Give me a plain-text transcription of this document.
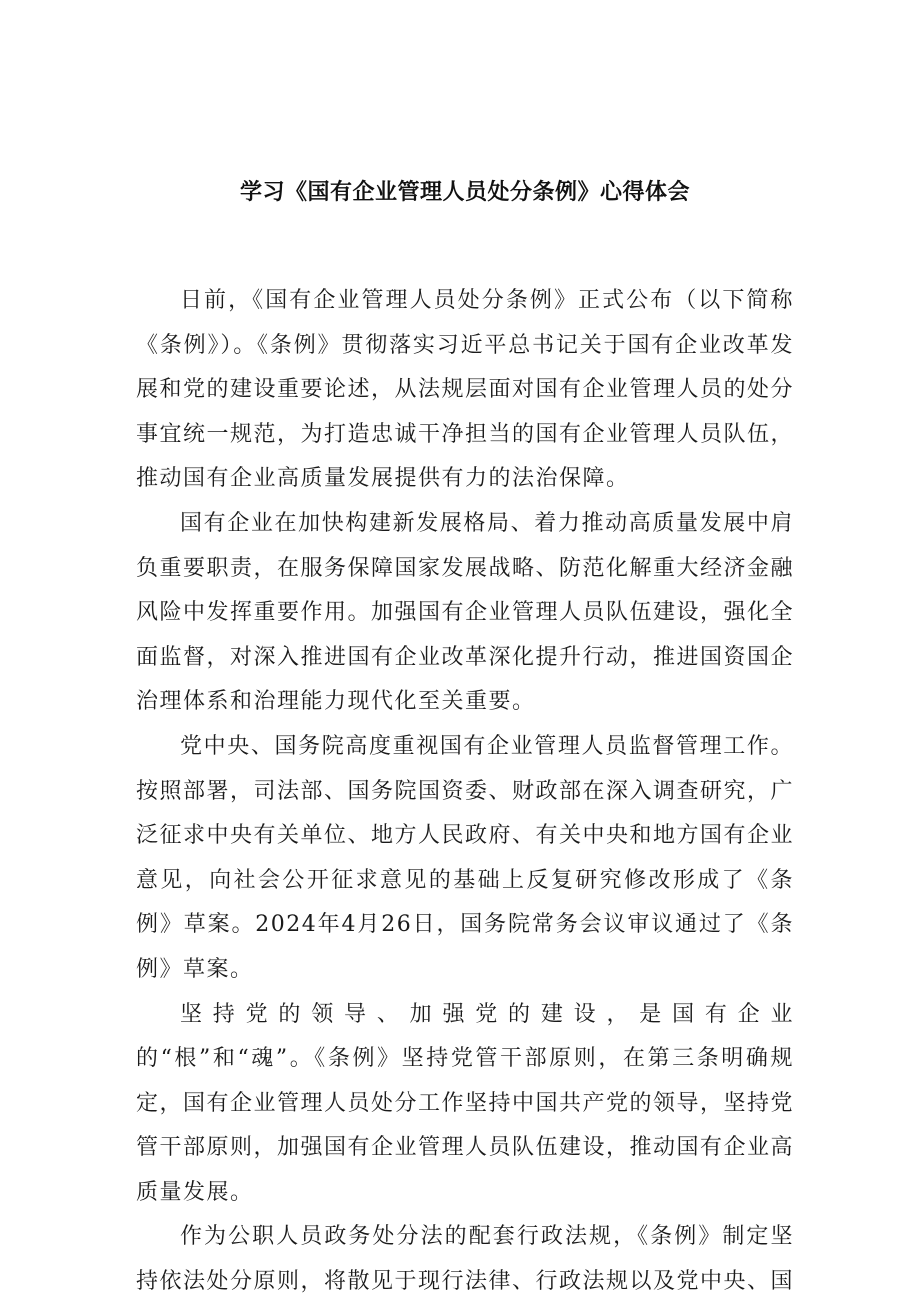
学习《国有企业管理人员处分条例》心得体会

日前，《国有企业管理人员处分条例》正式公布（以下简称《条例》）。《条例》贯彻落实习近平总书记关于国有企业改革发展和党的建设重要论述，从法规层面对国有企业管理人员的处分事宜统一规范，为打造忠诚干净担当的国有企业管理人员队伍，推动国有企业高质量发展提供有力的法治保障。

国有企业在加快构建新发展格局、着力推动高质量发展中肩负重要职责，在服务保障国家发展战略、防范化解重大经济金融风险中发挥重要作用。加强国有企业管理人员队伍建设，强化全面监督，对深入推进国有企业改革深化提升行动，推进国资国企治理体系和治理能力现代化至关重要。

党中央、国务院高度重视国有企业管理人员监督管理工作。按照部署，司法部、国务院国资委、财政部在深入调查研究，广泛征求中央有关单位、地方人民政府、有关中央和地方国有企业意见，向社会公开征求意见的基础上反复研究修改形成了《条例》草案。2024年4月26日，国务院常务会议审议通过了《条例》草案。

坚持党的领导、加强党的建设，是国有企业的“根”和“魂”。《条例》坚持党管干部原则，在第三条明确规定，国有企业管理人员处分工作坚持中国共产党的领导，坚持党管干部原则，加强国有企业管理人员队伍建设，推动国有企业高质量发展。

作为公职人员政务处分法的配套行政法规，《条例》制定坚持依法处分原则，将散见于现行法律、行政法规以及党中央、国
